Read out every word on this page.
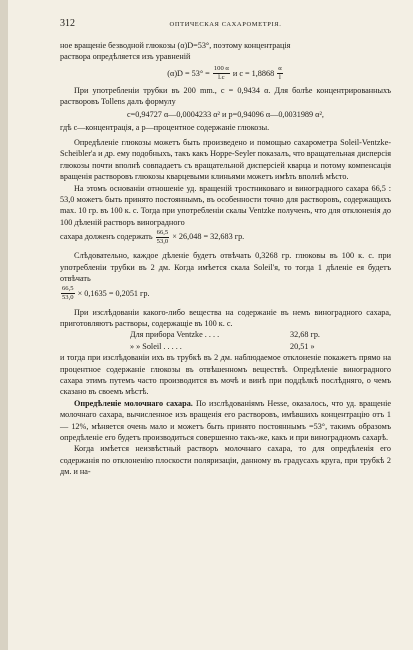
312	ОПТИЧЕСКАЯ САХАРОМЕТРІЯ.

ное вращеніе безводной глюкозы (α)D=53°, поэтому концентрація

раствора опредѣляется изъ уравненій

$(\alpha)D = 53^\circ = \frac{100 \alpha}{l.c}$ и $c = 1,8868 \frac{\alpha}{l}$

При употребленіи трубки въ 200 mm., c = 0,9434 α. Для болѣе концентрированныхъ растворовъ Tollens далъ формулу

c=0,94727 α—0,0004233 α² и p=0,94096 α—0,0031989 α²,

гдѣ c—концентрація, а p—процентное содержаніе глюкозы.

Опредѣленіе глюкозы можетъ быть произведено и помощью сахарометра Soleil-Ventzke-Scheibler'a и др. ему подобныхъ, такъ какъ Hoppe-Seyler показалъ, что вращательная дисперсія глюкозы почти вполнѣ совпадаетъ съ вращательной дисперсіей кварца и потому компенсація вращенія растворовъ глюкозы кварцевыми клиньями можетъ имѣть вполнѣ мѣсто.

На этомъ основаніи отношеніе уд. вращеній тростниковаго и виноградного сахара 66,5 : 53,0 можетъ быть принято постояннымъ, въ особенности точно для растворовъ, содержащихъ max. 10 гр. въ 100 к. с. Тогда при употребленіи скалы Ventzke полученъ, что для отклоненія до 100 дѣленій растворъ виноградного

сахара долженъ содержать $\frac{66,5}{53,0} \times 26,048 = 32,683$ гр.

Слѣдовательно, каждое дѣленіе будетъ отвѣчать 0,3268 гр. глюковы въ 100 к. с. при употребленіи трубки въ 2 дм. Когда имѣется скала Soleil'я, то тогда 1 дѣленіе ея будетъ отвѣчать

$\frac{66,5}{53,0} \times 0,1635 = 0,2051$ гр.

При изслѣдованіи какого-либо вещества на содержаніе въ немъ виноградного сахара, приготовляютъ растворы, содержащіе въ 100 к. с.

Для прибора Ventzke . . . .	32,68 гр.
» » Soleil . . . . .	20,51 »

и тогда при изслѣдованіи ихъ въ трубкѣ въ 2 дм. наблюдаемое отклоненіе покажетъ прямо на процентное содержаніе глюкозы въ отвѣшенномъ веществѣ. Опредѣленіе виноградного сахара этимъ путемъ часто производится въ мочѣ и винѣ при поддѣлкѣ послѣдняго, о чемъ сказано въ своемъ мѣстѣ.

Опредѣленіе молочнаго сахара. По изслѣдованіямъ Hesse, оказалось, что уд. вращеніе молочнаго сахара, вычисленное изъ вращенія его растворовъ, имѣвшихъ концентрацію отъ 1 — 12%, мѣняется очень мало и можетъ быть принято постояннымъ =53°, такимъ образомъ опредѣленіе его будетъ производиться совершенно такъ-же, какъ и при виноградномъ сахарѣ.

Когда имѣется неизвѣстный растворъ молочнаго сахара, то для опредѣленія его содержанія по отклоненію плоскости поляризаціи, данному въ градусахъ круга, при трубкѣ 2 дм. и на-
